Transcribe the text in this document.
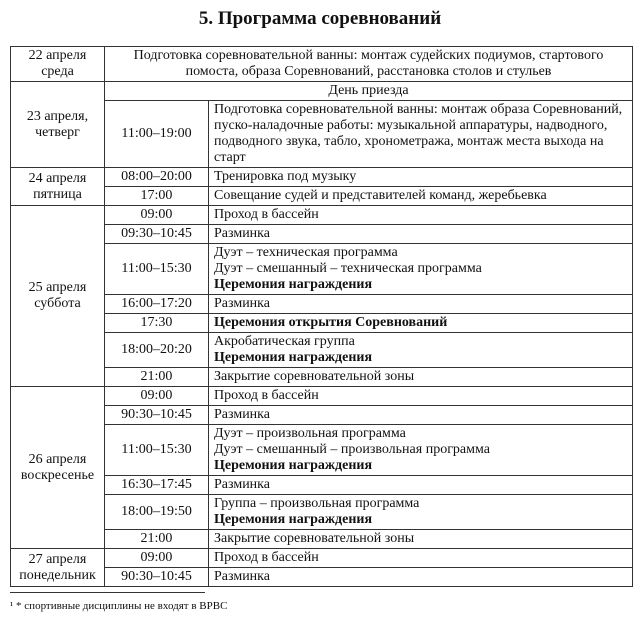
5. Программа соревнований
22 апреля
среда	Подготовка соревновательной ванны: монтаж судейских подиумов, стартового помоста, образа Соревнований, расстановка столов и стульев	

23 апреля,
четверг	День приезда	

	11:00–19:00	Подготовка соревновательной ванны: монтаж образа Соревнований, пуско-наладочные работы: музыкальной аппаратуры, надводного, подводного звука, табло, хронометража, монтаж места выхода на старт

24 апреля
пятница	08:00–20:00	Тренировка под музыку

	17:00	Совещание судей и представителей команд, жеребьевка

25 апреля
суббота	09:00	Проход в бассейн

	09:30–10:45	Разминка

	11:00–15:30	Дуэт – техническая программа
Дуэт – смешанный – техническая программа
Церемония награждения

	16:00–17:20	Разминка

	17:30	Церемония открытия Соревнований

	18:00–20:20	Акробатическая группа
Церемония награждения

	21:00	Закрытие соревновательной зоны

26 апреля
воскресенье	09:00	Проход в бассейн

	90:30–10:45	Разминка

	11:00–15:30	Дуэт – произвольная программа
Дуэт – смешанный – произвольная программа
Церемония награждения

	16:30–17:45	Разминка

	18:00–19:50	Группа – произвольная программа
Церемония награждения

	21:00	Закрытие соревновательной зоны

27 апреля
понедельник	09:00	Проход в бассейн

	90:30–10:45	Разминка
¹ * спортивные дисциплины не входят в ВРВС
